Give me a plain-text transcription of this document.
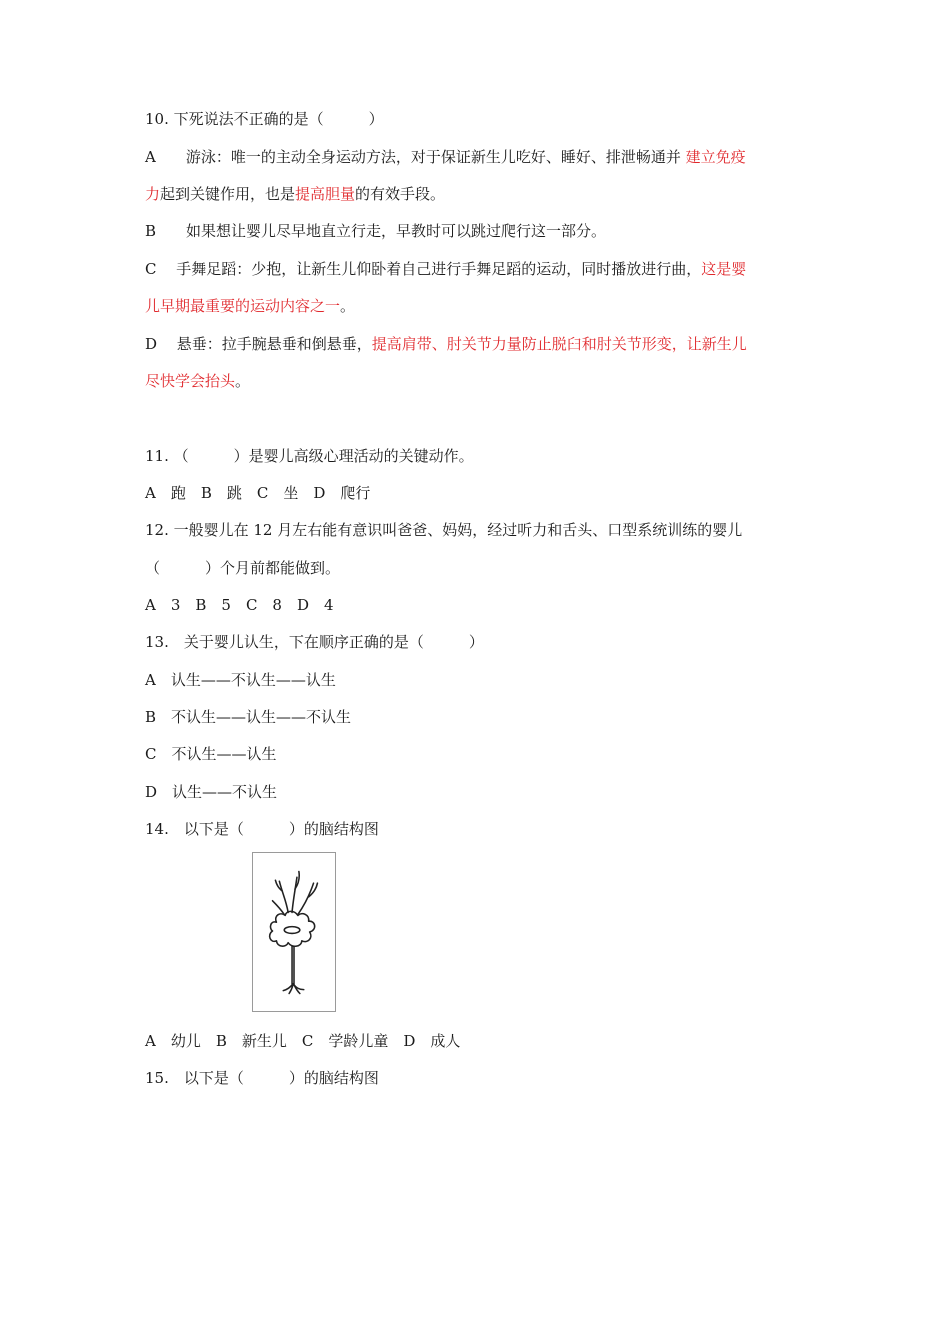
10. 下死说法不正确的是（　　　）
A　　游泳：唯一的主动全身运动方法，对于保证新生儿吃好、睡好、排泄畅通并 建立免疫
力起到关键作用，也是提高胆量的有效手段。
B　　如果想让婴儿尽早地直立行走，早教时可以跳过爬行这一部分。
C　 手舞足蹈：少抱，让新生儿仰卧着自己进行手舞足蹈的运动，同时播放进行曲，这是婴
儿早期最重要的运动内容之一。
D　 悬垂：拉手腕悬垂和倒悬垂，提高肩带、肘关节力量防止脱臼和肘关节形变，让新生儿
尽快学会抬头。
11. （　　　）是婴儿高级心理活动的关键动作。
A　跑　B　跳　C　坐　D　爬行
12. 一般婴儿在 12 月左右能有意识叫爸爸、妈妈，经过听力和舌头、口型系统训练的婴儿
（　　　）个月前都能做到。
A　3　B　5　C　8　D　4
13.　关于婴儿认生，下在顺序正确的是（　　　）
A　认生——不认生——认生
B　不认生——认生——不认生
C　不认生——认生
D　认生——不认生
14.　以下是（　　　）的脑结构图
A　幼儿　B　新生儿　C　学龄儿童　D　成人
15.　以下是（　　　）的脑结构图
